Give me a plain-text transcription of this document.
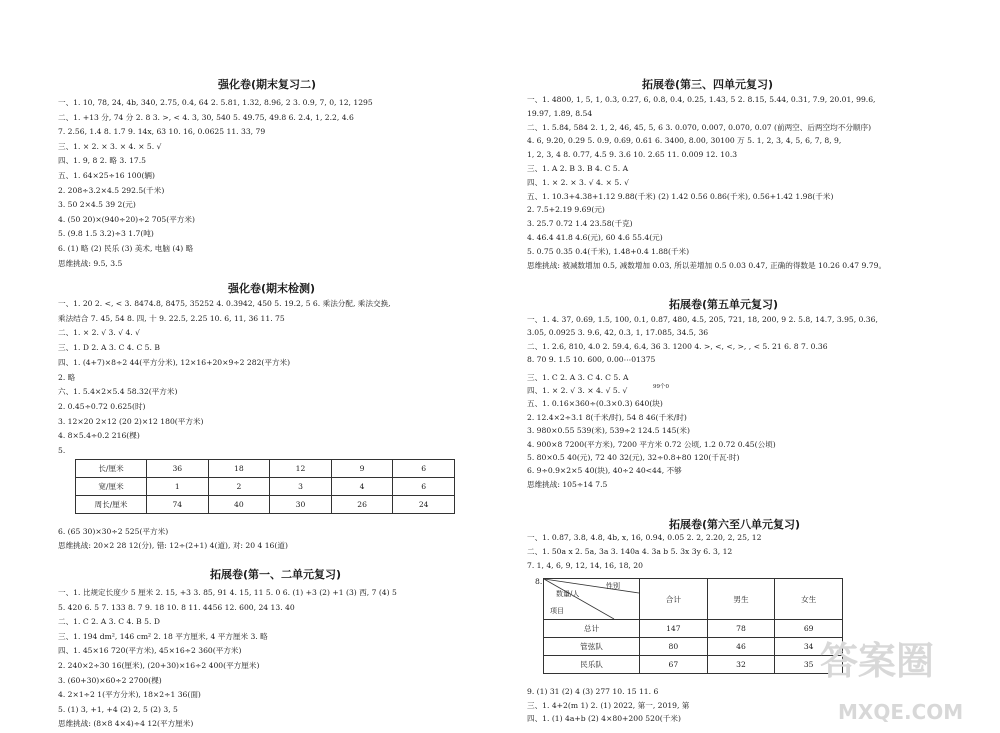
强化卷(期末复习二)
一、1. 10, 78, 24, 4b, 340, 2.75, 0.4, 64 2. 5.81, 1.32, 8.96, 2 3. 0.9, 7, 0, 12, 1295
二、1. +13 分, 74 分 2. 8 3. >, < 4. 3, 30, 540 5. 49.75, 49.8 6. 2.4, 1, 2.2, 4.6
7. 2.56, 1.4 8. 1.7 9. 14x, 63 10. 16, 0.0625 11. 33, 79
三、1. × 2. × 3. × 4. × 5. √
四、1. 9, 8 2. 略 3. 17.5
五、1. 64×25÷16 100(辆)
2. 208÷3.2×4.5 292.5(千米)
3. 50 2×4.5 39 2(元)
4. (50 20)×(940÷20)÷2 705(平方米)
5. (9.8 1.5 3.2)÷3 1.7(吨)
6. (1) 略 (2) 民乐 (3) 美术, 电脑 (4) 略
思维挑战: 9.5, 3.5
强化卷(期末检测)
一、1. 20 2. <, < 3. 8474.8, 8475, 35252 4. 0.3942, 450 5. 19.2, 5 6. 乘法分配, 乘法交换,
乘法结合 7. 45, 54 8. 四, 十 9. 22.5, 2.25 10. 6, 11, 36 11. 75
二、1. × 2. √ 3. √ 4. √
三、1. D 2. A 3. C 4. C 5. B
四、1. (4+7)×8÷2 44(平方分米), 12×16+20×9÷2 282(平方米)
2. 略
六、1. 5.4×2×5.4 58.32(平方米)
2. 0.45÷0.72 0.625(时)
3. 12×20 2×12 (20 2)×12 180(平方米)
4. 8×5.4÷0.2 216(棵)
5.
6. (65 30)×30÷2 525(平方米)
思维挑战: 20×2 28 12(分), 错: 12÷(2+1) 4(道), 对: 20 4 16(道)
长/厘米	36	18	12	9	6
宽/厘米	1	2	3	4	6
周长/厘米	74	40	30	26	24
拓展卷(第一、二单元复习)
一、1. 比规定长度少 5 厘米 2. 15, +3 3. 85, 91 4. 15, 11 5. 0 6. (1) +3 (2) +1 (3) 西, 7 (4) 5
5. 420 6. 5 7. 133 8. 7 9. 18 10. 8 11. 4456 12. 600, 24 13. 40
二、1. C 2. A 3. C 4. B 5. D
三、1. 194 dm², 146 cm² 2. 18 平方厘米, 4 平方厘米 3. 略
四、1. 45×16 720(平方米), 45×16÷2 360(平方米)
2. 240×2÷30 16(厘米), (20+30)×16÷2 400(平方厘米)
3. (60+30)×60÷2 2700(棵)
4. 2×1÷2 1(平方分米), 18×2÷1 36(面)
5. (1) 3, +1, +4 (2) 2, 5 (2) 3, 5
思维挑战: (8×8 4×4)÷4 12(平方厘米)
拓展卷(第三、四单元复习)
一、1. 4800, 1, 5, 1, 0.3, 0.27, 6, 0.8, 0.4, 0.25, 1.43, 5 2. 8.15, 5.44, 0.31, 7.9, 20.01, 99.6,
19.97, 1.89, 8.54
二、1. 5.84, 584 2. 1, 2, 46, 45, 5, 6 3. 0.070, 0.007, 0.070, 0.07 (前两空、后两空均不分顺序)
4. 6, 9.20, 0.29 5. 0.9, 0.69, 0.61 6. 3400, 8.00, 30100 万 5. 1, 2, 3, 4, 5, 6, 7, 8, 9,
1, 2, 3, 4 8. 0.77, 4.5 9. 3.6 10. 2.65 11. 0.009 12. 10.3
三、1. A 2. B 3. B 4. C 5. A
四、1. × 2. × 3. √ 4. × 5. √
五、1. 10.3+4.38+1.12 9.88(千米) (2) 1.42 0.56 0.86(千米), 0.56+1.42 1.98(千米)
2. 7.5+2.19 9.69(元)
3. 25.7 0.72 1.4 23.58(千克)
4. 46.4 41.8 4.6(元), 60 4.6 55.4(元)
5. 0.75 0.35 0.4(千米), 1.48+0.4 1.88(千米)
思维挑战: 被减数增加 0.5, 减数增加 0.03, 所以差增加 0.5 0.03 0.47, 正确的得数是 10.26 0.47 9.79。
拓展卷(第五单元复习)
一、1. 4. 37, 0.69, 1.5, 100, 0.1, 0.87, 480, 4.5, 205, 721, 18, 200, 9 2. 5.8, 14.7, 3.95, 0.36,
3.05, 0.0925 3. 9.6, 42, 0.3, 1, 17.085, 34.5, 36
二、1. 2.6, 810, 4.0 2. 59.4, 6.4, 36 3. 1200 4. >, <, <, >, , < 5. 21 6. 8 7. 0.36
8. 70 9. 1.5 10. 600, 0.00⋯01375
三、1. C 2. A 3. C 4. C 5. A
四、1. × 2. √ 3. × 4. √ 5. √
五、1. 0.16×360÷(0.3×0.3) 640(块)
2. 12.4×2÷3.1 8(千米/时), 54 8 46(千米/时)
3. 980×0.55 539(米), 539÷2 124.5 145(米)
4. 900×8 7200(平方米), 7200 平方米 0.72 公顷, 1.2 0.72 0.45(公顷)
5. 80×0.5 40(元), 72 40 32(元), 32÷0.8+80 120(千瓦·时)
6. 9÷0.9×2×5 40(块), 40÷2 40<44, 不够
思维挑战: 105÷14 7.5
99个0
拓展卷(第六至八单元复习)
一、1. 0.87, 3.8, 4.8, 4b, x, 16, 0.94, 0.05 2. 2, 2.20, 2, 25, 12
二、1. 50a x 2. 5a, 3a 3. 140a 4. 3a b 5. 3x 3y 6. 3, 12
7. 1, 4, 6, 9, 12, 14, 16, 18, 20
8.	性别
数量/人
项目	合计	男生	女生
总计	147	78	69
管弦队	80	46	34
民乐队	67	32	35
9. (1) 31 (2) 4 (3) 277 10. 15 11. 6
三、1. 4+2(m 1) 2. (1) 2022, 第一, 2019, 第
四、1. (1) 4a+b (2) 4×80+200 520(千米)
答案圈
MXQE.COM
